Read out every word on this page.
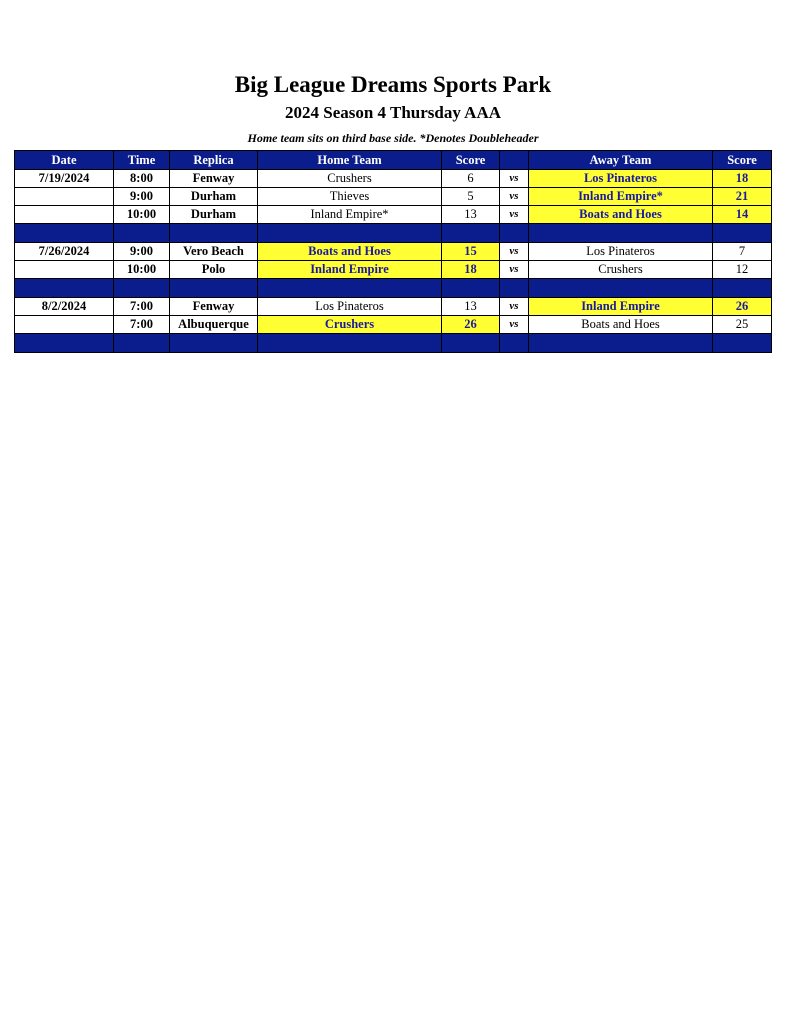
Big League Dreams Sports Park
2024 Season 4 Thursday AAA
Home team sits on third base side. *Denotes Doubleheader
Date	Time	Replica	Home Team	Score		Away Team	Score
7/19/2024	8:00	Fenway	Crushers	6	vs	Los Pinateros	18
	9:00	Durham	Thieves	5	vs	Inland Empire*	21
	10:00	Durham	Inland Empire*	13	vs	Boats and Hoes	14

7/26/2024	9:00	Vero Beach	Boats and Hoes	15	vs	Los Pinateros	7
	10:00	Polo	Inland Empire	18	vs	Crushers	12

8/2/2024	7:00	Fenway	Los Pinateros	13	vs	Inland Empire	26
	7:00	Albuquerque	Crushers	26	vs	Boats and Hoes	25
